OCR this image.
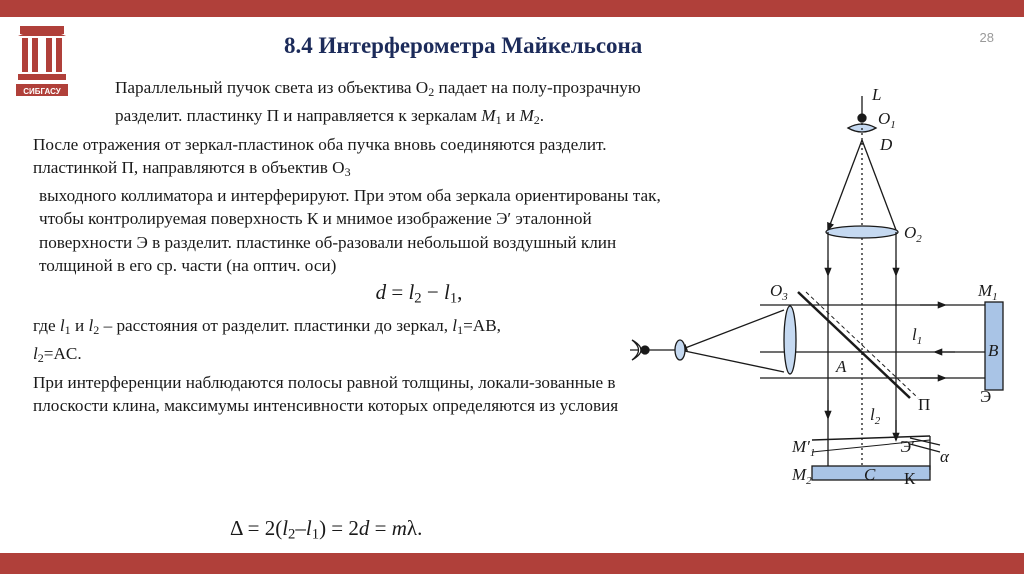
28
СИБГАСУ
8.4 Интерферометра Майкельсона

Параллельный пучок света из объектива $O_2$ падает на полу-прозрачную разделит. пластинку П и направляется к зеркалам $M_1$ и $M_2$.

После отражения от зеркал-пластинок оба пучка вновь соединяются разделит. пластинкой П, направляются в объектив $O_3$

выходного коллиматора и интерферируют. При этом оба зеркала ориентированы так, чтобы контролируемая поверхность К и мнимое изображение Э′ эталонной поверхности Э в разделит. пластинке об-разовали небольшой воздушный клин толщиной в его ср. части (на оптич. оси)

$d = l_2 - l_1$,

где $l_1$ и $l_2$ – расстояния от разделит. пластинки до зеркал, $l_1=AB$,
$l_2=AC$.

При интерференции наблюдаются полосы равной толщины, локали-зованные в плоскости клина, максимумы интенсивности которых определяются из условия

$\Delta = 2(l_2-l_1) = 2d = m\lambda$.
L
$O_1$
D
$O_2$
$O_3$	$M_1$
B
$l_1$
A
П	Э
$l_2$
$M'_1$	Э′
α
$M_2$	C К
